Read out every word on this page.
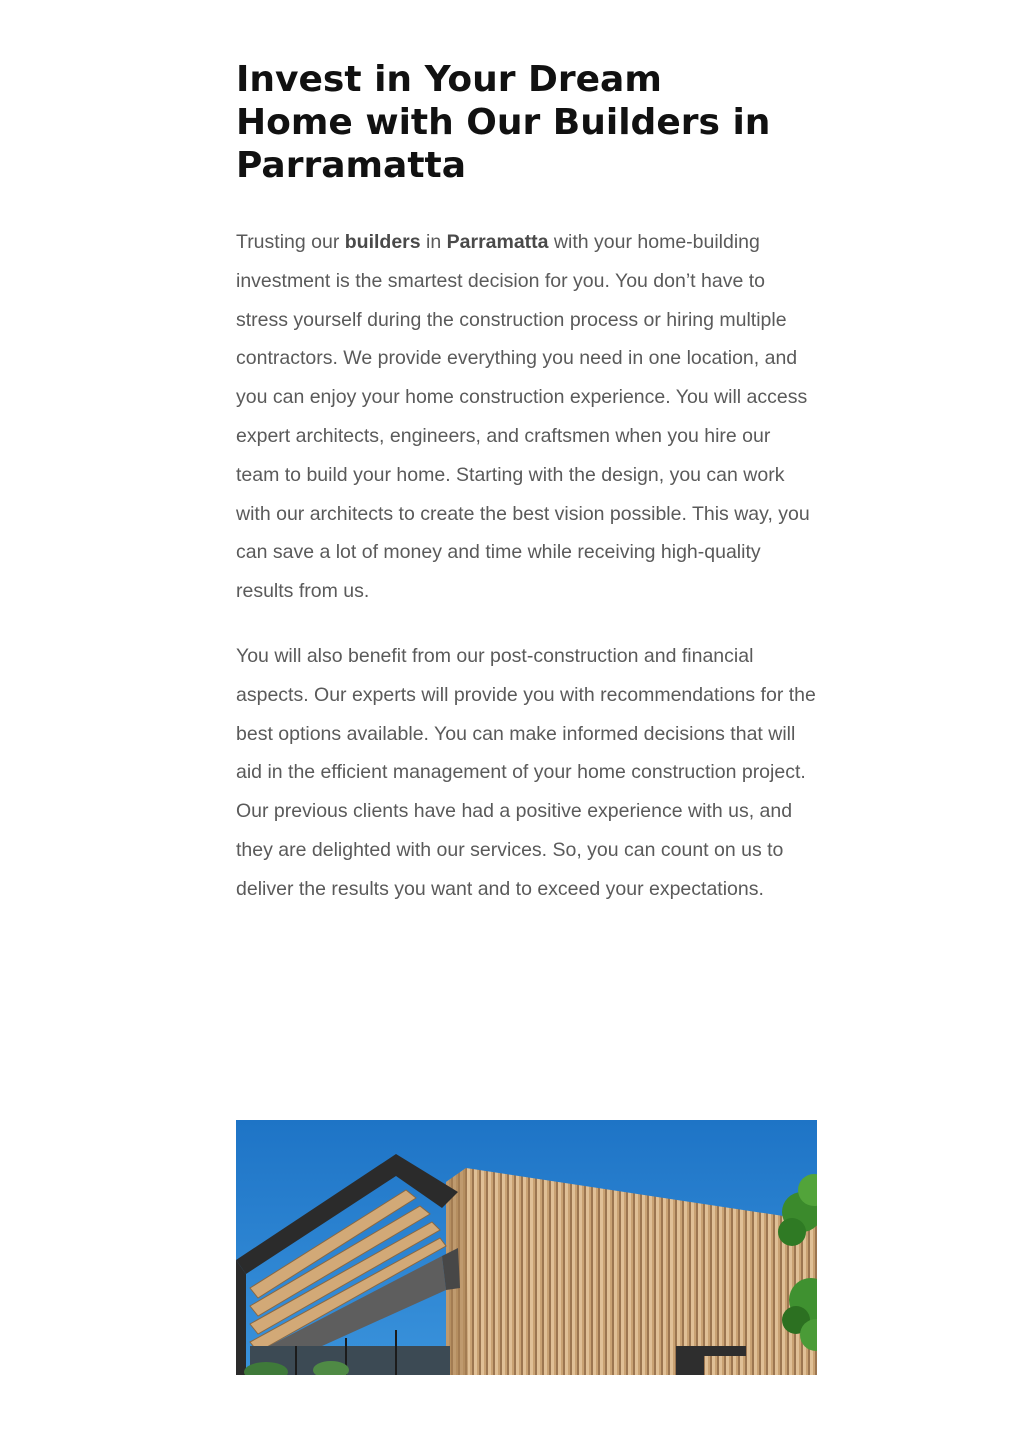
Invest in Your Dream Home with Our Builders in Parramatta

Trusting our builders in Parramatta with your home-building investment is the smartest decision for you. You don’t have to stress yourself during the construction process or hiring multiple contractors. We provide everything you need in one location, and you can enjoy your home construction experience. You will access expert architects, engineers, and craftsmen when you hire our team to build your home. Starting with the design, you can work with our architects to create the best vision possible. This way, you can save a lot of money and time while receiving high-quality results from us.

You will also benefit from our post-construction and financial aspects. Our experts will provide you with recommendations for the best options available. You can make informed decisions that will aid in the efficient management of your home construction project. Our previous clients have had a positive experience with us, and they are delighted with our services. So, you can count on us to deliver the results you want and to exceed your expectations.
